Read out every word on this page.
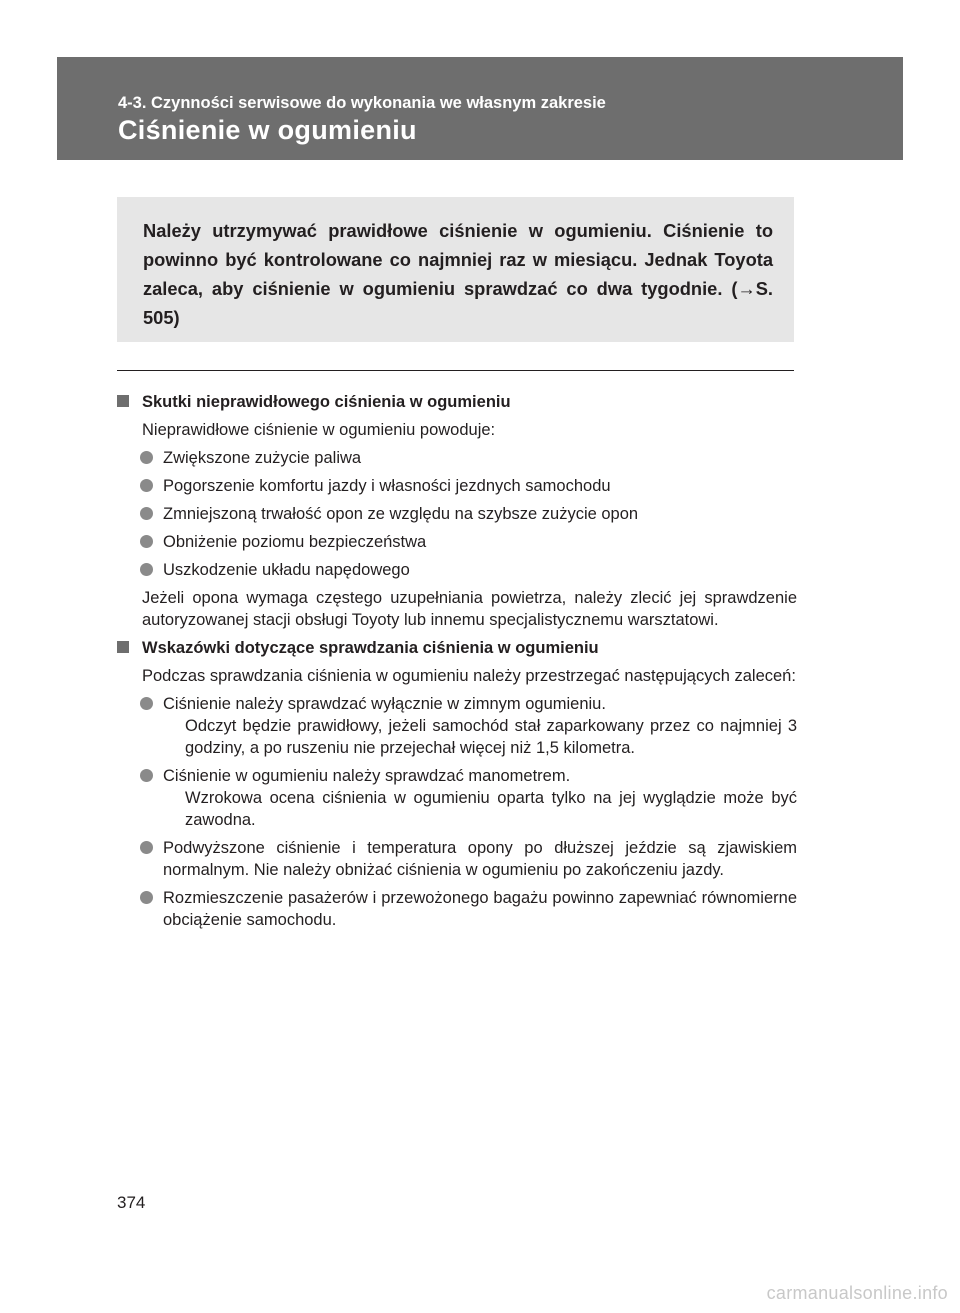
4-3. Czynności serwisowe do wykonania we własnym zakresie
Ciśnienie w ogumieniu
Należy utrzymywać prawidłowe ciśnienie w ogumieniu. Ciśnienie to powinno być kontrolowane co najmniej raz w miesiącu. Jednak Toyota zaleca, aby ciśnienie w ogumieniu sprawdzać co dwa tygodnie. (→S. 505)
Skutki nieprawidłowego ciśnienia w ogumieniu
Nieprawidłowe ciśnienie w ogumieniu powoduje:
Zwiększone zużycie paliwa
Pogorszenie komfortu jazdy i własności jezdnych samochodu
Zmniejszoną trwałość opon ze względu na szybsze zużycie opon
Obniżenie poziomu bezpieczeństwa
Uszkodzenie układu napędowego
Jeżeli opona wymaga częstego uzupełniania powietrza, należy zlecić jej sprawdzenie autoryzowanej stacji obsługi Toyoty lub innemu specjalistycznemu warsztatowi.
Wskazówki dotyczące sprawdzania ciśnienia w ogumieniu
Podczas sprawdzania ciśnienia w ogumieniu należy przestrzegać następujących zaleceń:
Ciśnienie należy sprawdzać wyłącznie w zimnym ogumieniu.
Odczyt będzie prawidłowy, jeżeli samochód stał zaparkowany przez co najmniej 3 godziny, a po ruszeniu nie przejechał więcej niż 1,5 kilometra.
Ciśnienie w ogumieniu należy sprawdzać manometrem.
Wzrokowa ocena ciśnienia w ogumieniu oparta tylko na jej wyglądzie może być zawodna.
Podwyższone ciśnienie i temperatura opony po dłuższej jeździe są zjawiskiem normalnym. Nie należy obniżać ciśnienia w ogumieniu po zakończeniu jazdy.
Rozmieszczenie pasażerów i przewożonego bagażu powinno zapewniać równomierne obciążenie samochodu.
374
carmanualsonline.info
